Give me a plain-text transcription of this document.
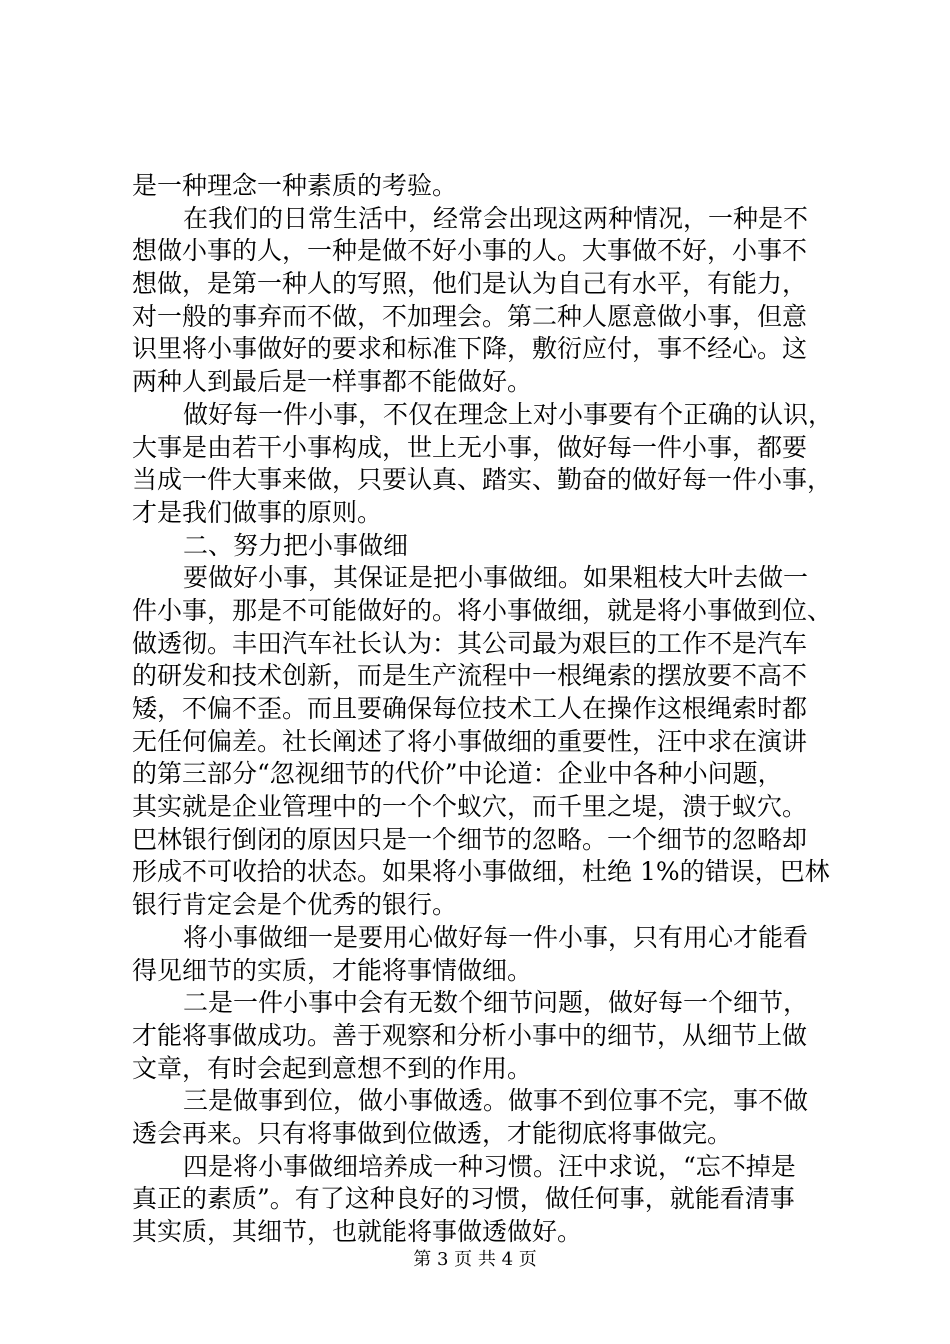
是一种理念一种素质的考验。
在我们的日常生活中，经常会出现这两种情况，一种是不
想做小事的人，一种是做不好小事的人。大事做不好，小事不
想做，是第一种人的写照，他们是认为自己有水平，有能力，
对一般的事弃而不做，不加理会。第二种人愿意做小事，但意
识里将小事做好的要求和标准下降，敷衍应付，事不经心。这
两种人到最后是一样事都不能做好。
做好每一件小事，不仅在理念上对小事要有个正确的认识，
大事是由若干小事构成，世上无小事，做好每一件小事，都要
当成一件大事来做，只要认真、踏实、勤奋的做好每一件小事，
才是我们做事的原则。
二、努力把小事做细
要做好小事，其保证是把小事做细。如果粗枝大叶去做一
件小事，那是不可能做好的。将小事做细，就是将小事做到位、
做透彻。丰田汽车社长认为：其公司最为艰巨的工作不是汽车
的研发和技术创新，而是生产流程中一根绳索的摆放要不高不
矮，不偏不歪。而且要确保每位技术工人在操作这根绳索时都
无任何偏差。社长阐述了将小事做细的重要性，汪中求在演讲
的第三部分“忽视细节的代价”中论道：企业中各种小问题，
其实就是企业管理中的一个个蚁穴，而千里之堤，溃于蚁穴。
巴林银行倒闭的原因只是一个细节的忽略。一个细节的忽略却
形成不可收拾的状态。如果将小事做细，杜绝 1%的错误，巴林
银行肯定会是个优秀的银行。
将小事做细一是要用心做好每一件小事，只有用心才能看
得见细节的实质，才能将事情做细。
二是一件小事中会有无数个细节问题，做好每一个细节，
才能将事做成功。善于观察和分析小事中的细节，从细节上做
文章，有时会起到意想不到的作用。
三是做事到位，做小事做透。做事不到位事不完，事不做
透会再来。只有将事做到位做透，才能彻底将事做完。
四是将小事做细培养成一种习惯。汪中求说，“忘不掉是
真正的素质”。有了这种良好的习惯，做任何事，就能看清事
其实质，其细节，也就能将事做透做好。
第 3 页 共 4 页
